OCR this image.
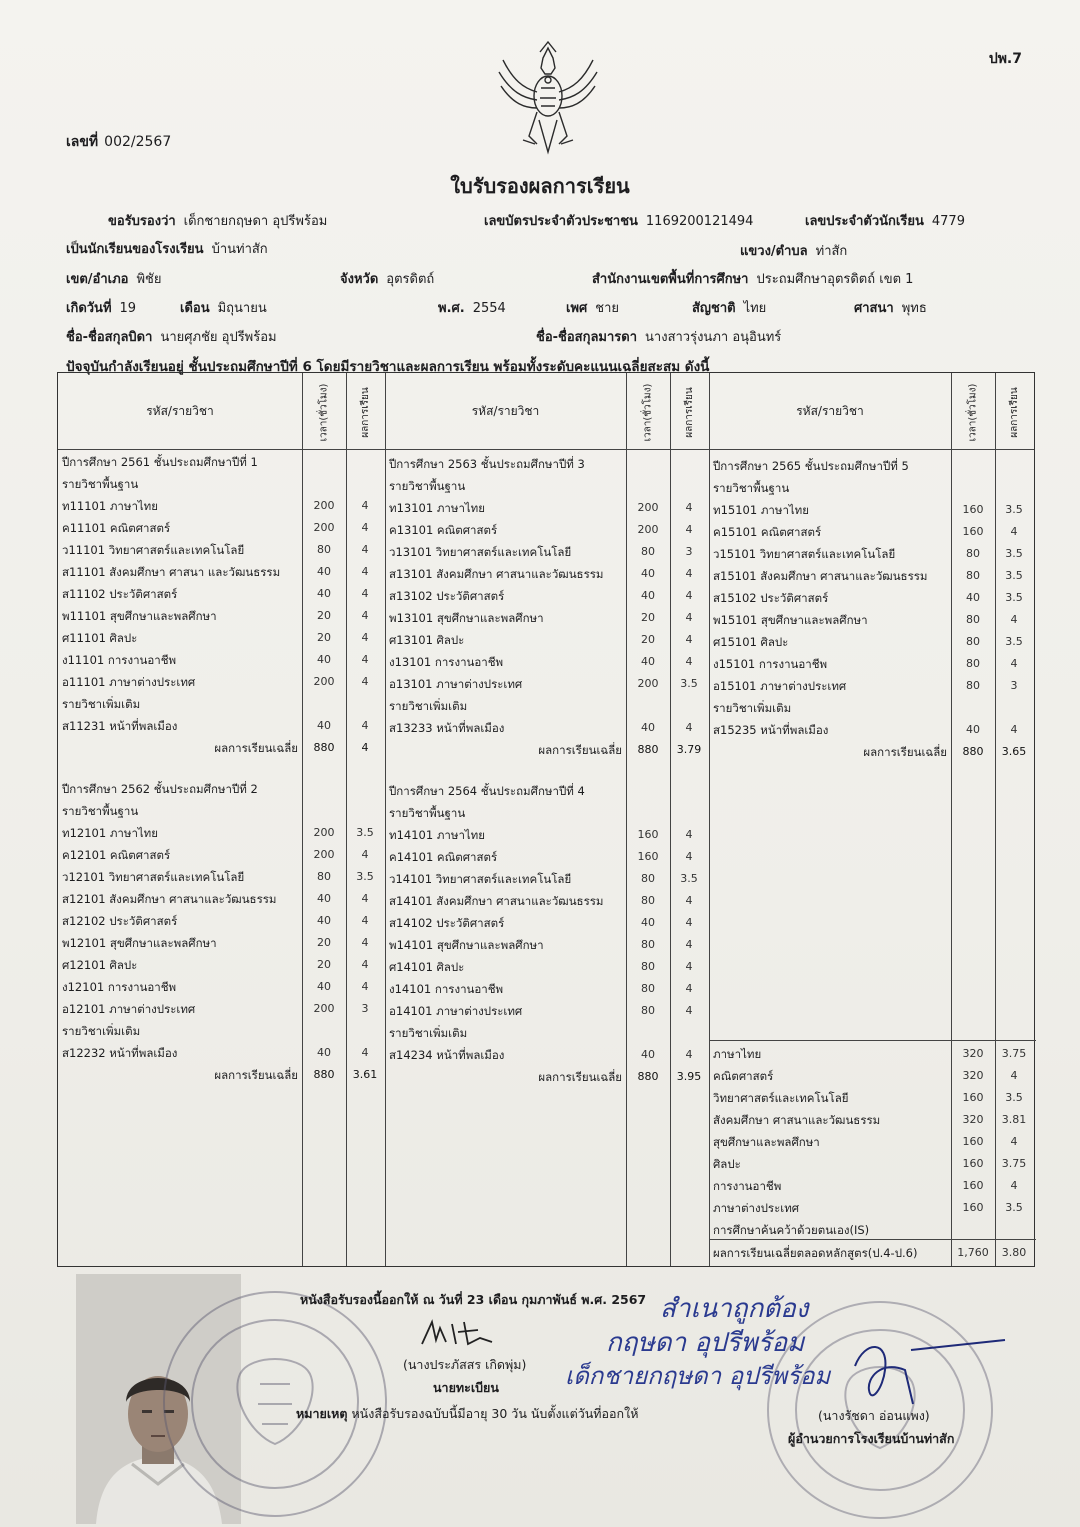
ปพ.7
เลขที่ 002/2567
ใบรับรองผลการเรียน
ขอรับรองว่า เด็กชายกฤษดา อุปรีพร้อม	เลขบัตรประจำตัวประชาชน 1169200121494	เลขประจำตัวนักเรียน 4779
เป็นนักเรียนของโรงเรียน บ้านท่าสัก	แขวง/ตำบล ท่าสัก
เขต/อำเภอ พิชัย	จังหวัด อุตรดิตถ์	สำนักงานเขตพื้นที่การศึกษา ประถมศึกษาอุตรดิตถ์ เขต 1
เกิดวันที่ 19	เดือน มิถุนายน	พ.ศ. 2554	เพศ ชาย	สัญชาติ ไทย	ศาสนา พุทธ
ชื่อ-ชื่อสกุลบิดา นายศุภชัย อุปรีพร้อม	ชื่อ-ชื่อสกุลมารดา นางสาวรุ่งนภา อนุอินทร์
ปัจจุบันกำลังเรียนอยู่ ชั้นประถมศึกษาปีที่ 6 โดยมีรายวิชาและผลการเรียน พร้อมทั้งระดับคะแนนเฉลี่ยสะสม ดังนี้
รหัส/รายวิชา	เวลา(ชั่วโมง)	ผลการเรียน	รหัส/รายวิชา	เวลา(ชั่วโมง)	ผลการเรียน	รหัส/รายวิชา	เวลา(ชั่วโมง)	ผลการเรียน
ปีการศึกษา 2561 ชั้นประถมศึกษาปีที่ 1
รายวิชาพื้นฐาน
ท11101 ภาษาไทย	200	4
ค11101 คณิตศาสตร์	200	4
ว11101 วิทยาศาสตร์และเทคโนโลยี	80	4
ส11101 สังคมศึกษา ศาสนา และวัฒนธรรม	40	4
ส11102 ประวัติศาสตร์	40	4
พ11101 สุขศึกษาและพลศึกษา	20	4
ศ11101 ศิลปะ	20	4
ง11101 การงานอาชีพ	40	4
อ11101 ภาษาต่างประเทศ	200	4
รายวิชาเพิ่มเติม
ส11231 หน้าที่พลเมือง	40	4
ผลการเรียนเฉลี่ย	880	4
ปีการศึกษา 2563 ชั้นประถมศึกษาปีที่ 3
รายวิชาพื้นฐาน
ท13101 ภาษาไทย	200	4
ค13101 คณิตศาสตร์	200	4
ว13101 วิทยาศาสตร์และเทคโนโลยี	80	3
ส13101 สังคมศึกษา ศาสนาและวัฒนธรรม	40	4
ส13102 ประวัติศาสตร์	40	4
พ13101 สุขศึกษาและพลศึกษา	20	4
ศ13101 ศิลปะ	20	4
ง13101 การงานอาชีพ	40	4
อ13101 ภาษาต่างประเทศ	200	3.5
รายวิชาเพิ่มเติม
ส13233 หน้าที่พลเมือง	40	4
ผลการเรียนเฉลี่ย	880	3.79
ปีการศึกษา 2565 ชั้นประถมศึกษาปีที่ 5
รายวิชาพื้นฐาน
ท15101 ภาษาไทย	160	3.5
ค15101 คณิตศาสตร์	160	4
ว15101 วิทยาศาสตร์และเทคโนโลยี	80	3.5
ส15101 สังคมศึกษา ศาสนาและวัฒนธรรม	80	3.5
ส15102 ประวัติศาสตร์	40	3.5
พ15101 สุขศึกษาและพลศึกษา	80	4
ศ15101 ศิลปะ	80	3.5
ง15101 การงานอาชีพ	80	4
อ15101 ภาษาต่างประเทศ	80	3
รายวิชาเพิ่มเติม
ส15235 หน้าที่พลเมือง	40	4
ผลการเรียนเฉลี่ย	880	3.65
ปีการศึกษา 2562 ชั้นประถมศึกษาปีที่ 2
รายวิชาพื้นฐาน
ท12101 ภาษาไทย	200	3.5
ค12101 คณิตศาสตร์	200	4
ว12101 วิทยาศาสตร์และเทคโนโลยี	80	3.5
ส12101 สังคมศึกษา ศาสนาและวัฒนธรรม	40	4
ส12102 ประวัติศาสตร์	40	4
พ12101 สุขศึกษาและพลศึกษา	20	4
ศ12101 ศิลปะ	20	4
ง12101 การงานอาชีพ	40	4
อ12101 ภาษาต่างประเทศ	200	3
รายวิชาเพิ่มเติม
ส12232 หน้าที่พลเมือง	40	4
ผลการเรียนเฉลี่ย	880	3.61
ปีการศึกษา 2564 ชั้นประถมศึกษาปีที่ 4
รายวิชาพื้นฐาน
ท14101 ภาษาไทย	160	4
ค14101 คณิตศาสตร์	160	4
ว14101 วิทยาศาสตร์และเทคโนโลยี	80	3.5
ส14101 สังคมศึกษา ศาสนาและวัฒนธรรม	80	4
ส14102 ประวัติศาสตร์	40	4
พ14101 สุขศึกษาและพลศึกษา	80	4
ศ14101 ศิลปะ	80	4
ง14101 การงานอาชีพ	80	4
อ14101 ภาษาต่างประเทศ	80	4
รายวิชาเพิ่มเติม
ส14234 หน้าที่พลเมือง	40	4
ผลการเรียนเฉลี่ย	880	3.95
ภาษาไทย	320	3.75
คณิตศาสตร์	320	4
วิทยาศาสตร์และเทคโนโลยี	160	3.5
สังคมศึกษา ศาสนาและวัฒนธรรม	320	3.81
สุขศึกษาและพลศึกษา	160	4
ศิลปะ	160	3.75
การงานอาชีพ	160	4
ภาษาต่างประเทศ	160	3.5
การศึกษาค้นคว้าด้วยตนเอง(IS)
ผลการเรียนเฉลี่ยตลอดหลักสูตร(ป.4-ป.6)	1,760	3.80
หนังสือรับรองนี้ออกให้ ณ วันที่ 23 เดือน กุมภาพันธ์ พ.ศ. 2567
(นางประภัสสร เกิดพุ่ม)
นายทะเบียน
หมายเหตุ หนังสือรับรองฉบับนี้มีอายุ 30 วัน นับตั้งแต่วันที่ออกให้
สำเนาถูกต้อง
กฤษดา อุปรีพร้อม
เด็กชายกฤษดา อุปรีพร้อม
(นางรัชดา อ่อนแพง)
ผู้อำนวยการโรงเรียนบ้านท่าสัก
